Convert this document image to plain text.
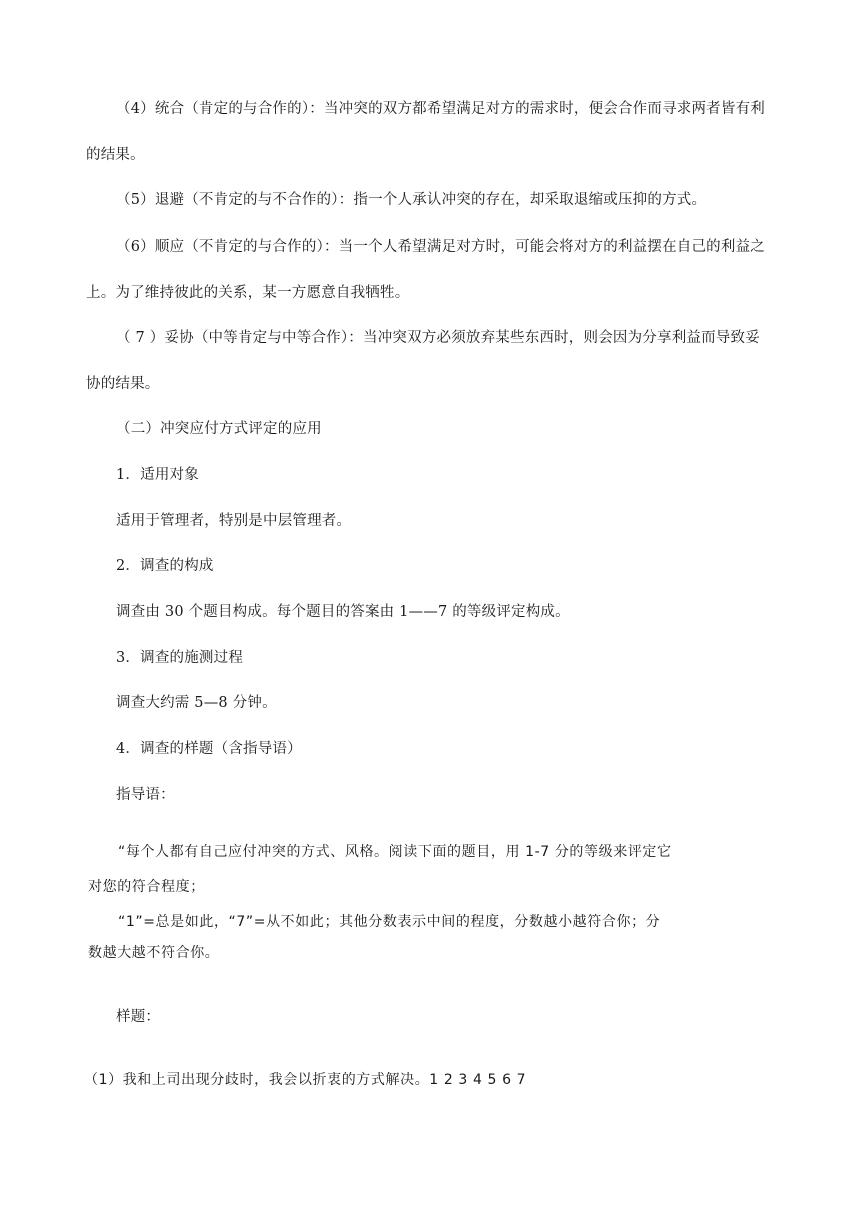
（4）统合（肯定的与合作的）：当冲突的双方都希望满足对方的需求时，便会合作而寻求两者皆有利
的结果。
（5）退避（不肯定的与不合作的）：指一个人承认冲突的存在，却采取退缩或压抑的方式。
（6）顺应（不肯定的与合作的）：当一个人希望满足对方时，可能会将对方的利益摆在自己的利益之
上。为了维持彼此的关系，某一方愿意自我牺牲。
（ 7 ）妥协（中等肯定与中等合作）：当冲突双方必须放弃某些东西时，则会因为分享利益而导致妥
协的结果。
（二）冲突应付方式评定的应用
1．适用对象
适用于管理者，特别是中层管理者。
2．调查的构成
调查由 30 个题目构成。每个题目的答案由 1——7 的等级评定构成。
3．调查的施测过程
调查大约需 5—8 分钟。
4．调查的样题（含指导语）
指导语：
“每个人都有自己应付冲突的方式、风格。阅读下面的题目，用 1-7 分的等级来评定它
对您的符合程度；
“1”=总是如此，“7”=从不如此；其他分数表示中间的程度，分数越小越符合你；分
数越大越不符合你。
样题：
（1）我和上司出现分歧时，我会以折衷的方式解决。1 2 3 4 5 6 7
